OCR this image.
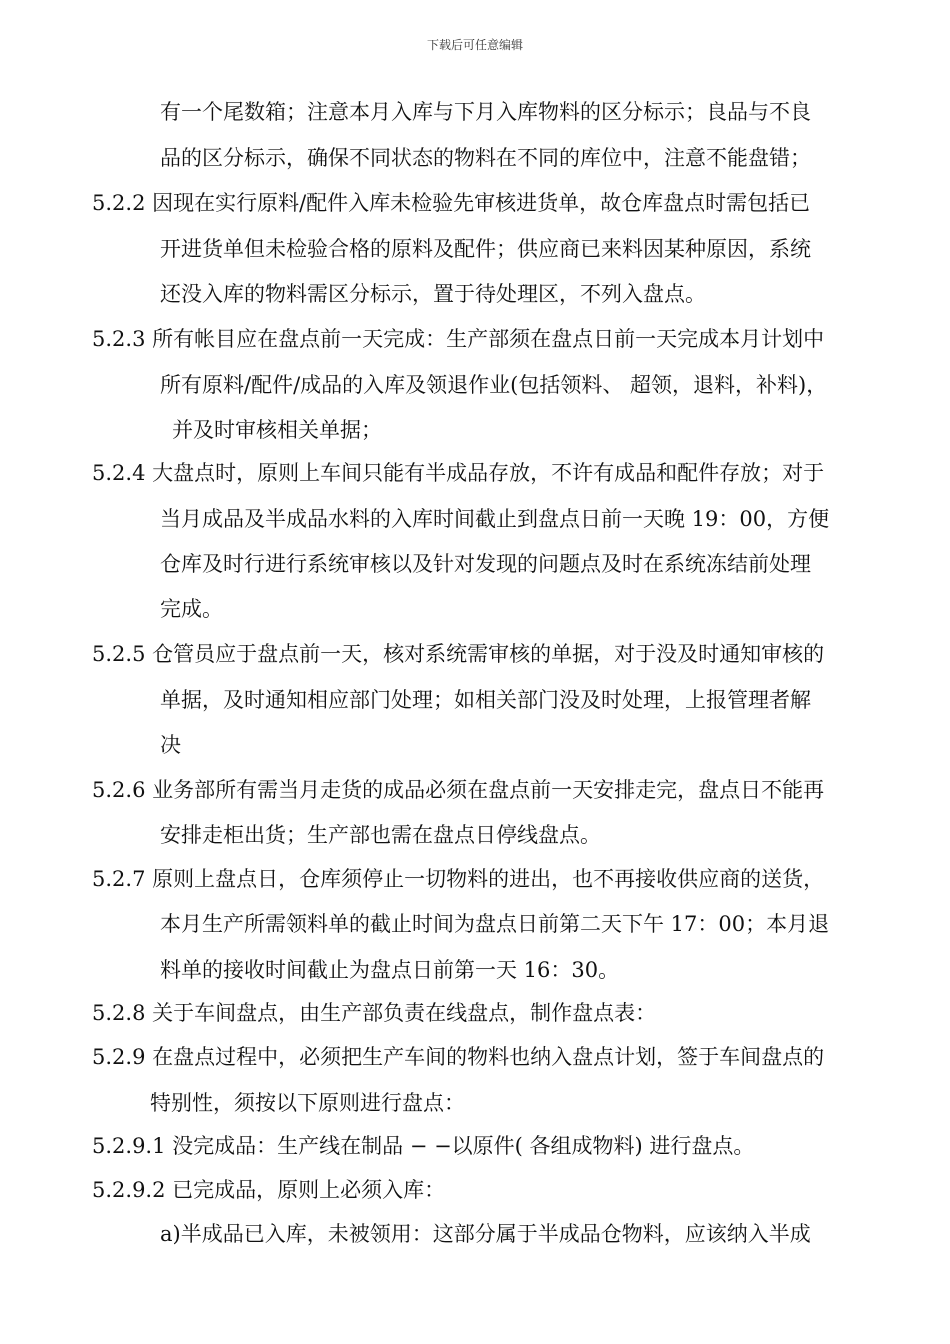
下载后可任意编辑
有一个尾数箱；注意本月入库与下月入库物料的区分标示；良品与不良
品的区分标示，确保不同状态的物料在不同的库位中，注意不能盘错；
5.2.2 因现在实行原料/配件入库未检验先审核进货单，故仓库盘点时需包括已
开进货单但未检验合格的原料及配件；供应商已来料因某种原因，系统
还没入库的物料需区分标示，置于待处理区，不列入盘点。
5.2.3 所有帐目应在盘点前一天完成：生产部须在盘点日前一天完成本月计划中
所有原料/配件/成品的入库及领退作业(包括领料、 超领，退料，补料)，
并及时审核相关单据；
5.2.4 大盘点时，原则上车间只能有半成品存放，不许有成品和配件存放；对于
当月成品及半成品水料的入库时间截止到盘点日前一天晚 19：00，方便
仓库及时行进行系统审核以及针对发现的问题点及时在系统冻结前处理
完成。
5.2.5 仓管员应于盘点前一天，核对系统需审核的单据，对于没及时通知审核的
单据，及时通知相应部门处理；如相关部门没及时处理，上报管理者解
决
5.2.6 业务部所有需当月走货的成品必须在盘点前一天安排走完，盘点日不能再
安排走柜出货；生产部也需在盘点日停线盘点。
5.2.7 原则上盘点日，仓库须停止一切物料的进出，也不再接收供应商的送货，
本月生产所需领料单的截止时间为盘点日前第二天下午 17：00；本月退
料单的接收时间截止为盘点日前第一天 16：30。
5.2.8 关于车间盘点，由生产部负责在线盘点，制作盘点表：
5.2.9 在盘点过程中，必须把生产车间的物料也纳入盘点计划，签于车间盘点的
特别性，须按以下原则进行盘点：
5.2.9.1 没完成品：生产线在制品 − −以原件( 各组成物料) 进行盘点。
5.2.9.2 已完成品，原则上必须入库：
a)半成品已入库，未被领用：这部分属于半成品仓物料，应该纳入半成
